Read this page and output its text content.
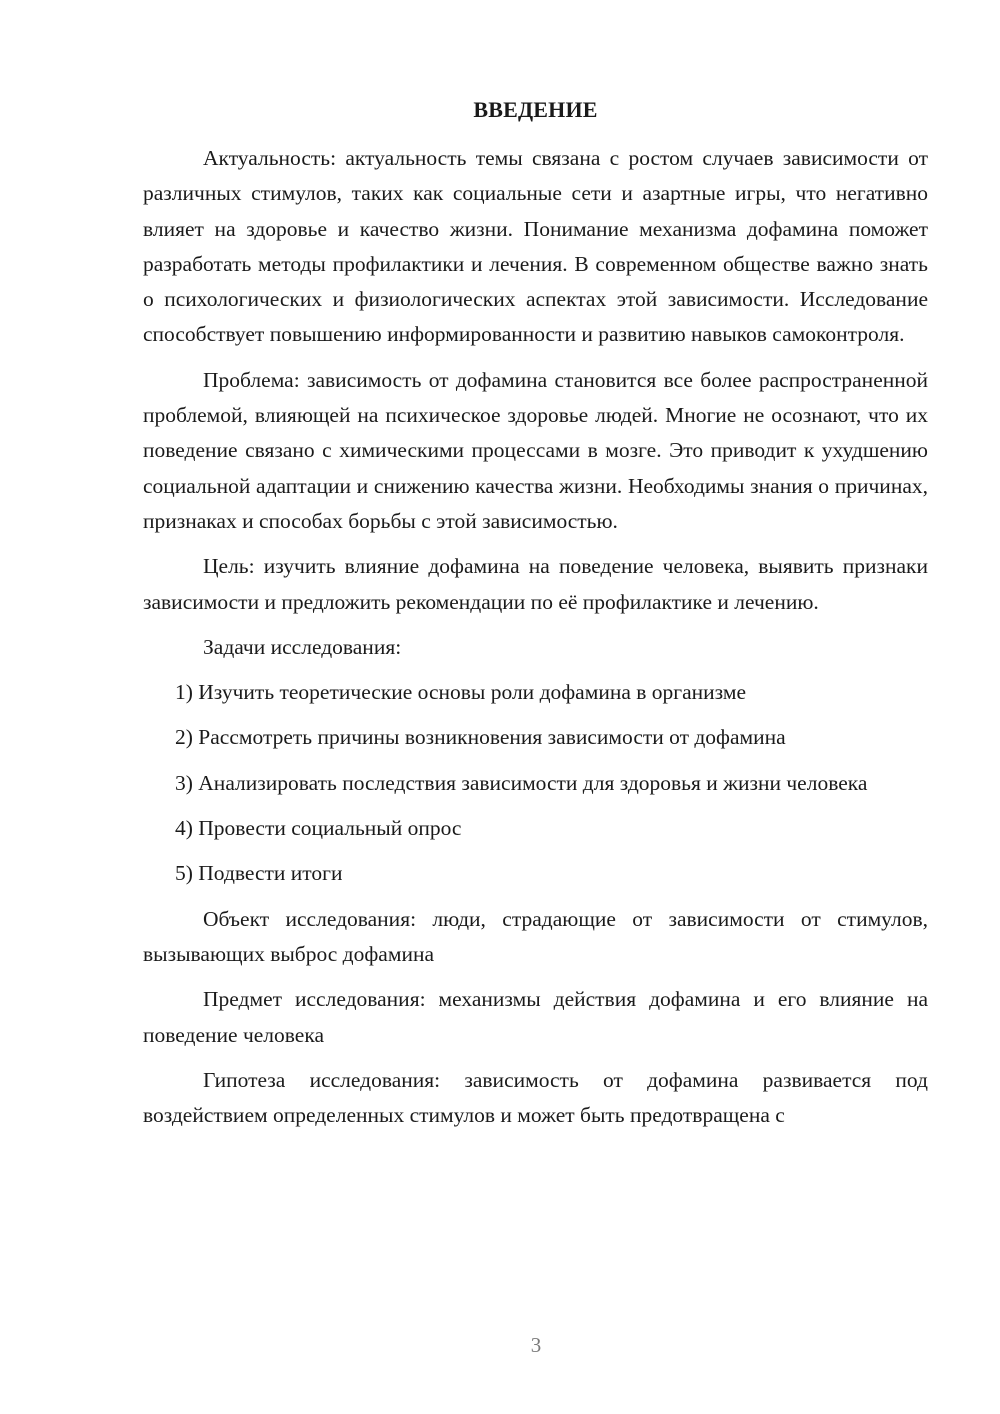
ВВЕДЕНИЕ

Актуальность: актуальность темы связана с ростом случаев зависимости от различных стимулов, таких как социальные сети и азартные игры, что негативно влияет на здоровье и качество жизни. Понимание механизма дофамина поможет разработать методы профилактики и лечения. В современном обществе важно знать о психологических и физиологических аспектах этой зависимости. Исследование способствует повышению информированности и развитию навыков самоконтроля.

Проблема: зависимость от дофамина становится все более распространенной проблемой, влияющей на психическое здоровье людей. Многие не осознают, что их поведение связано с химическими процессами в мозге. Это приводит к ухудшению социальной адаптации и снижению качества жизни. Необходимы знания о причинах, признаках и способах борьбы с этой зависимостью.

Цель: изучить влияние дофамина на поведение человека, выявить признаки зависимости и предложить рекомендации по её профилактике и лечению.

Задачи исследования:

1) Изучить теоретические основы роли дофамина в организме

2) Рассмотреть причины возникновения зависимости от дофамина

3) Анализировать последствия зависимости для здоровья и жизни человека

4) Провести социальный опрос

5) Подвести итоги

Объект исследования: люди, страдающие от зависимости от стимулов, вызывающих выброс дофамина

Предмет исследования: механизмы действия дофамина и его влияние на поведение человека

Гипотеза исследования: зависимость от дофамина развивается под воздействием определенных стимулов и может быть предотвращена с

3
